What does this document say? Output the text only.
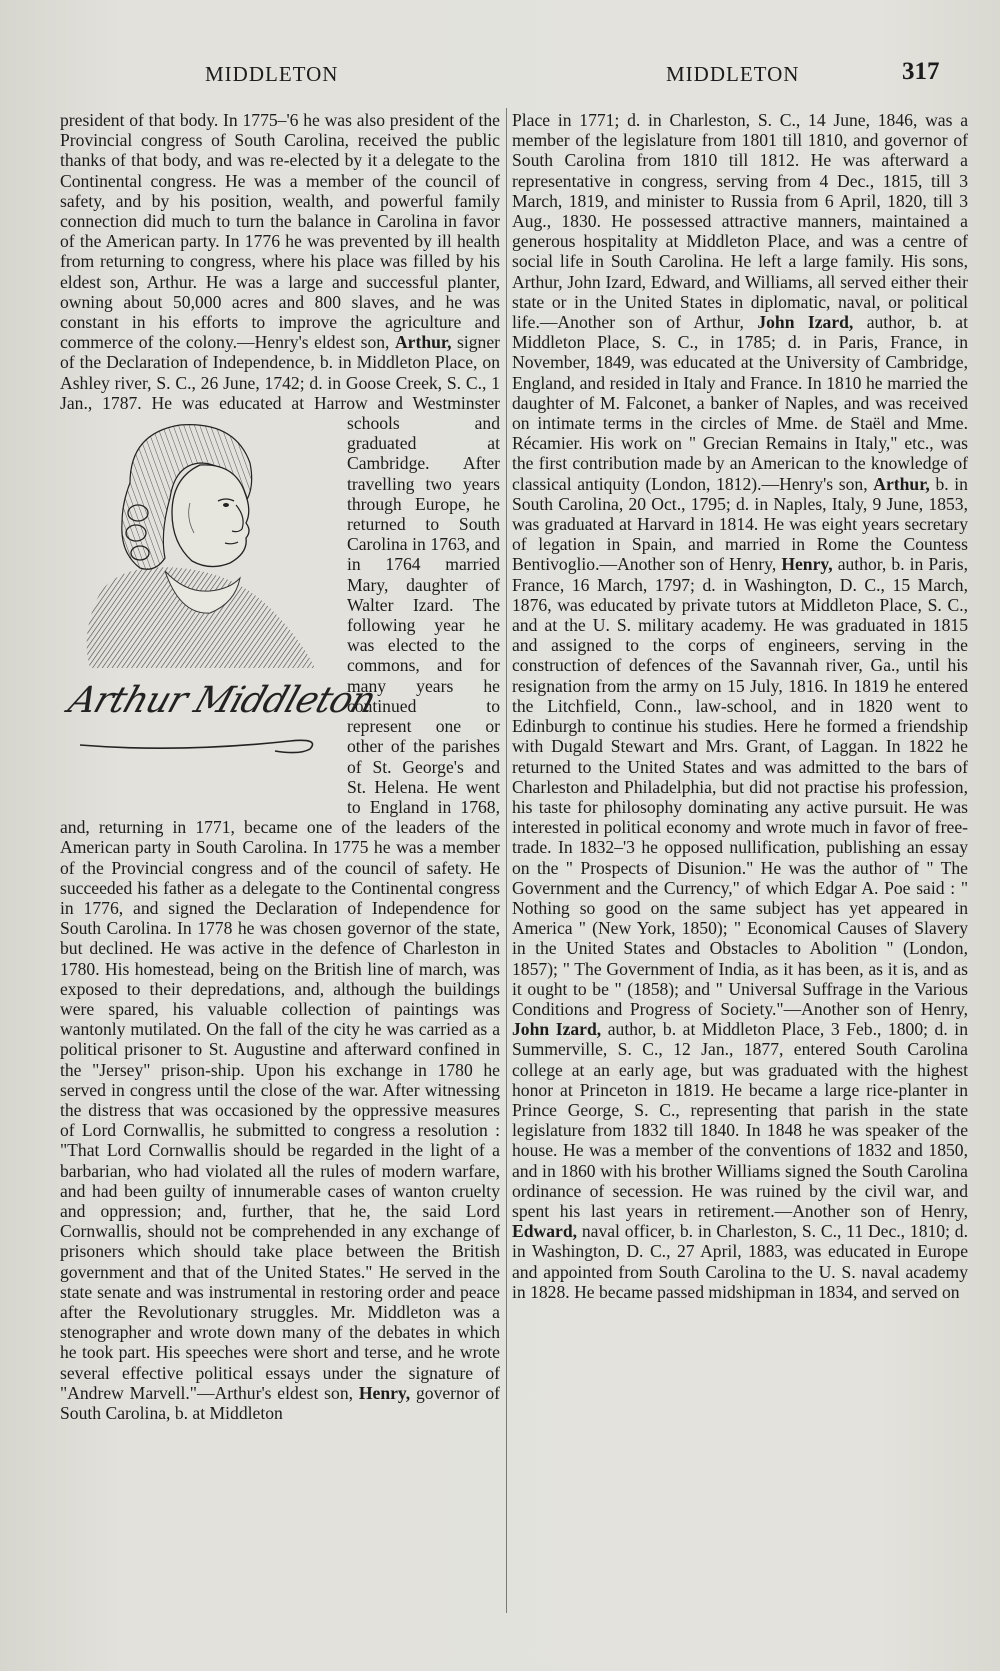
MIDDLETON	MIDDLETON	317

president of that body. In 1775–'6 he was also president of the Provincial congress of South Carolina, received the public thanks of that body, and was re-elected by it a delegate to the Continental congress. He was a member of the council of safety, and by his position, wealth, and powerful family connection did much to turn the balance in Carolina in favor of the American party. In 1776 he was prevented by ill health from returning to congress, where his place was filled by his eldest son, Arthur. He was a large and successful planter, owning about 50,000 acres and 800 slaves, and he was constant in his efforts to improve the agriculture and commerce of the colony.—Henry's eldest son, Arthur, signer of the Declaration of Independence, b. in Middleton Place, on Ashley river, S. C., 26 June, 1742; d. in Goose Creek, S. C., 1 Jan.,
Arthur Middleton
1787. He was educated at Harrow and Westminster schools and graduated at Cambridge. After travelling two years through Europe, he returned to South Carolina in 1763, and in 1764 married Mary, daughter of Walter Izard. The following year he was elected to the commons, and for many years he continued to represent one or other of the parishes of St. George's and St. Helena. He went to England in 1768, and, returning in 1771, became one of the leaders of the American party in South Carolina. In 1775 he was a member of the Provincial congress and of the council of safety. He succeeded his father as a delegate to the Continental congress in 1776, and signed the Declaration of Independence for South Carolina. In 1778 he was chosen governor of the state, but declined. He was active in the defence of Charleston in 1780. His homestead, being on the British line of march, was exposed to their depredations, and, although the buildings were spared, his valuable collection of paintings was wantonly mutilated. On the fall of the city he was carried as a political prisoner to St. Augustine and afterward confined in the "Jersey" prison-ship. Upon his exchange in 1780 he served in congress until the close of the war. After witnessing the distress that was occasioned by the oppressive measures of Lord Cornwallis, he submitted to congress a resolution : "That Lord Cornwallis should be regarded in the light of a barbarian, who had violated all the rules of modern warfare, and had been guilty of innumerable cases of wanton cruelty and oppression; and, further, that he, the said Lord Cornwallis, should not be comprehended in any exchange of prisoners which should take place between the British government and that of the United States." He served in the state senate and was instrumental in restoring order and peace after the Revolutionary struggles. Mr. Middleton was a stenographer and wrote down many of the debates in which he took part. His speeches were short and terse, and he wrote several effective political essays under the signature of "Andrew Marvell."—Arthur's eldest son, Henry, governor of South Carolina, b. at Middleton

Place in 1771; d. in Charleston, S. C., 14 June, 1846, was a member of the legislature from 1801 till 1810, and governor of South Carolina from 1810 till 1812. He was afterward a representative in congress, serving from 4 Dec., 1815, till 3 March, 1819, and minister to Russia from 6 April, 1820, till 3 Aug., 1830. He possessed attractive manners, maintained a generous hospitality at Middleton Place, and was a centre of social life in South Carolina. He left a large family. His sons, Arthur, John Izard, Edward, and Williams, all served either their state or in the United States in diplomatic, naval, or political life.—Another son of Arthur, John Izard, author, b. at Middleton Place, S. C., in 1785; d. in Paris, France, in November, 1849, was educated at the University of Cambridge, England, and resided in Italy and France. In 1810 he married the daughter of M. Falconet, a banker of Naples, and was received on intimate terms in the circles of Mme. de Staël and Mme. Récamier. His work on " Grecian Remains in Italy," etc., was the first contribution made by an American to the knowledge of classical antiquity (London, 1812).—Henry's son, Arthur, b. in South Carolina, 20 Oct., 1795; d. in Naples, Italy, 9 June, 1853, was graduated at Harvard in 1814. He was eight years secretary of legation in Spain, and married in Rome the Countess Bentivoglio.—Another son of Henry, Henry, author, b. in Paris, France, 16 March, 1797; d. in Washington, D. C., 15 March, 1876, was educated by private tutors at Middleton Place, S. C., and at the U. S. military academy. He was graduated in 1815 and assigned to the corps of engineers, serving in the construction of defences of the Savannah river, Ga., until his resignation from the army on 15 July, 1816. In 1819 he entered the Litchfield, Conn., law-school, and in 1820 went to Edinburgh to continue his studies. Here he formed a friendship with Dugald Stewart and Mrs. Grant, of Laggan. In 1822 he returned to the United States and was admitted to the bars of Charleston and Philadelphia, but did not practise his profession, his taste for philosophy dominating any active pursuit. He was interested in political economy and wrote much in favor of free-trade. In 1832–'3 he opposed nullification, publishing an essay on the " Prospects of Disunion." He was the author of " The Government and the Currency," of which Edgar A. Poe said : " Nothing so good on the same subject has yet appeared in America " (New York, 1850); " Economical Causes of Slavery in the United States and Obstacles to Abolition " (London, 1857); " The Government of India, as it has been, as it is, and as it ought to be " (1858); and " Universal Suffrage in the Various Conditions and Progress of Society."—Another son of Henry, John Izard, author, b. at Middleton Place, 3 Feb., 1800; d. in Summerville, S. C., 12 Jan., 1877, entered South Carolina college at an early age, but was graduated with the highest honor at Princeton in 1819. He became a large rice-planter in Prince George, S. C., representing that parish in the state legislature from 1832 till 1840. In 1848 he was speaker of the house. He was a member of the conventions of 1832 and 1850, and in 1860 with his brother Williams signed the South Carolina ordinance of secession. He was ruined by the civil war, and spent his last years in retirement.—Another son of Henry, Edward, naval officer, b. in Charleston, S. C., 11 Dec., 1810; d. in Washington, D. C., 27 April, 1883, was educated in Europe and appointed from South Carolina to the U. S. naval academy in 1828. He became passed midshipman in 1834, and served on
